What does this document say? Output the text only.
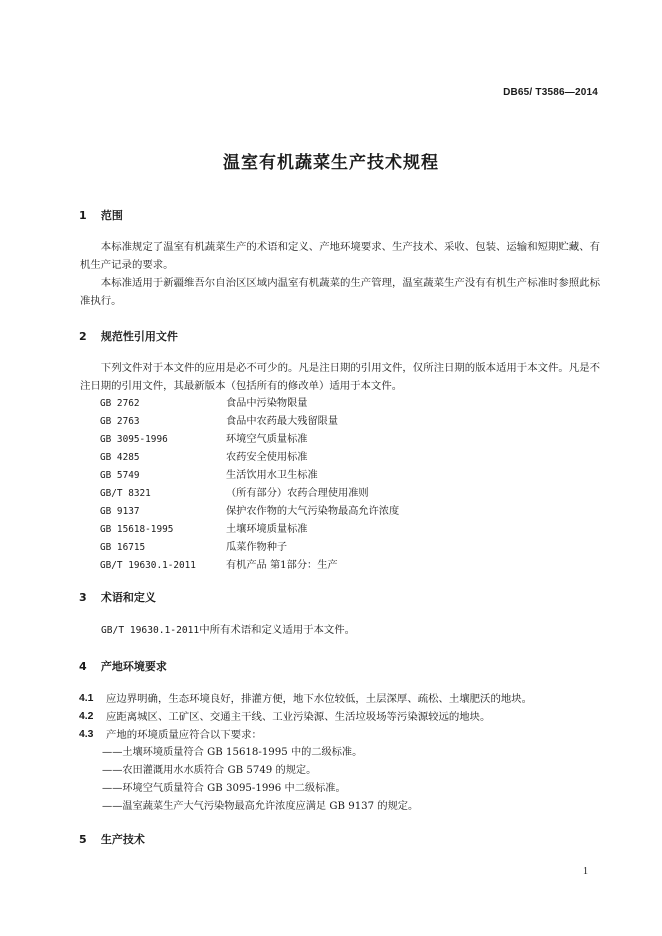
DB65/ T3586—2014
温室有机蔬菜生产技术规程
1 范围

本标准规定了温室有机蔬菜生产的术语和定义、产地环境要求、生产技术、采收、包装、运输和短期贮藏、有机生产记录的要求。

本标准适用于新疆维吾尔自治区区域内温室有机蔬菜的生产管理，温室蔬菜生产没有有机生产标准时参照此标准执行。

2 规范性引用文件

下列文件对于本文件的应用是必不可少的。凡是注日期的引用文件，仅所注日期的版本适用于本文件。凡是不注日期的引用文件，其最新版本（包括所有的修改单）适用于本文件。

GB 2762	食品中污染物限量
GB 2763	食品中农药最大残留限量
GB 3095-1996	环境空气质量标准
GB 4285	农药安全使用标准
GB 5749	生活饮用水卫生标准
GB/T 8321	（所有部分）农药合理使用准则
GB 9137	保护农作物的大气污染物最高允许浓度
GB 15618-1995	土壤环境质量标准
GB 16715	瓜菜作物种子
GB/T 19630.1-2011	有机产品 第1部分：生产
3 术语和定义
GB/T 19630.1-2011中所有术语和定义适用于本文件。
4 产地环境要求
4.1 应边界明确，生态环境良好，排灌方便，地下水位较低，土层深厚、疏松、土壤肥沃的地块。
4.2 应距离城区、工矿区、交通主干线、工业污染源、生活垃圾场等污染源较远的地块。
4.3 产地的环境质量应符合以下要求：
——土壤环境质量符合 GB 15618-1995 中的二级标准。
——农田灌溉用水水质符合 GB 5749 的规定。
——环境空气质量符合 GB 3095-1996 中二级标准。
——温室蔬菜生产大气污染物最高允许浓度应满足 GB 9137 的规定。
5 生产技术
1
